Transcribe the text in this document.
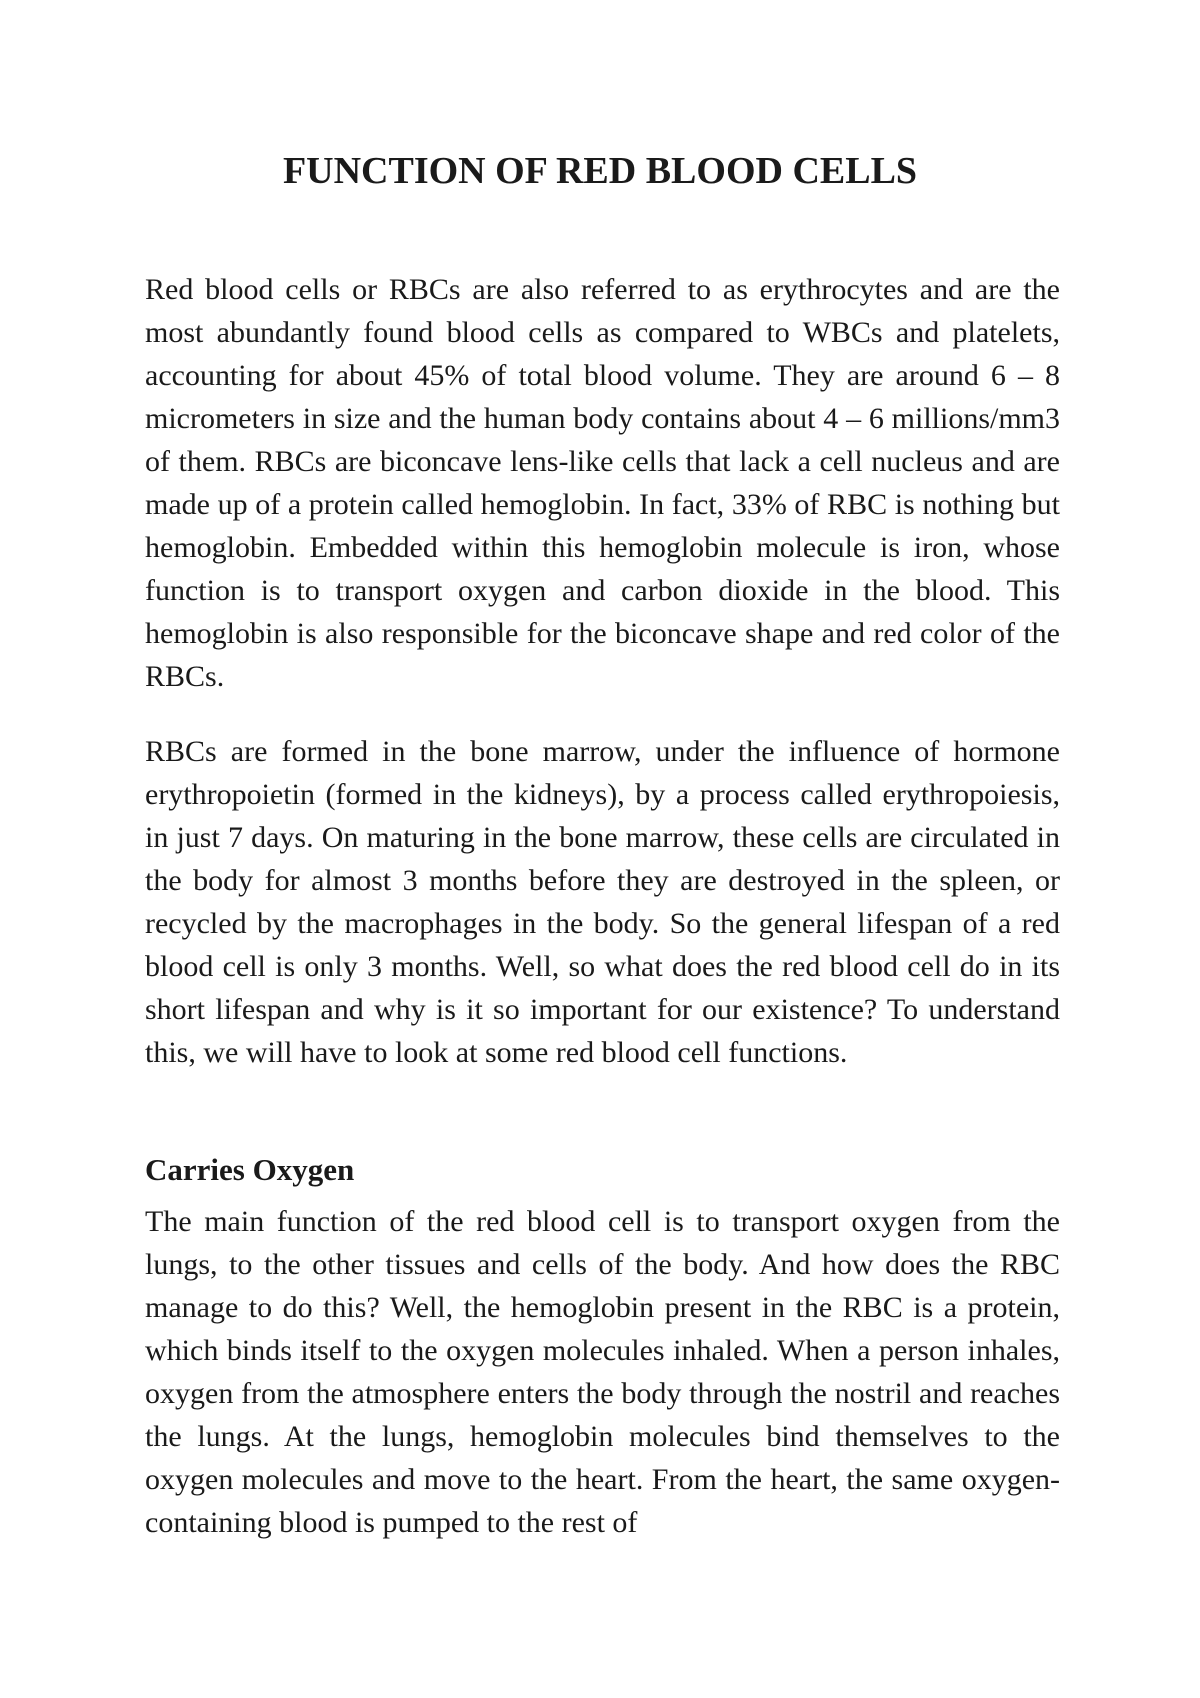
FUNCTION OF RED BLOOD CELLS

Red blood cells or RBCs are also referred to as erythrocytes and are the most abundantly found blood cells as compared to WBCs and platelets, accounting for about 45% of total blood volume. They are around 6 – 8 micrometers in size and the human body contains about 4 – 6 millions/mm3 of them. RBCs are biconcave lens-like cells that lack a cell nucleus and are made up of a protein called hemoglobin. In fact, 33% of RBC is nothing but hemoglobin. Embedded within this hemoglobin molecule is iron, whose function is to transport oxygen and carbon dioxide in the blood. This hemoglobin is also responsible for the biconcave shape and red color of the RBCs.

RBCs are formed in the bone marrow, under the influence of hormone erythropoietin (formed in the kidneys), by a process called erythropoiesis, in just 7 days. On maturing in the bone marrow, these cells are circulated in the body for almost 3 months before they are destroyed in the spleen, or recycled by the macrophages in the body. So the general lifespan of a red blood cell is only 3 months. Well, so what does the red blood cell do in its short lifespan and why is it so important for our existence? To understand this, we will have to look at some red blood cell functions.

Carries Oxygen

The main function of the red blood cell is to transport oxygen from the lungs, to the other tissues and cells of the body. And how does the RBC manage to do this? Well, the hemoglobin present in the RBC is a protein, which binds itself to the oxygen molecules inhaled. When a person inhales, oxygen from the atmosphere enters the body through the nostril and reaches the lungs. At the lungs, hemoglobin molecules bind themselves to the oxygen molecules and move to the heart. From the heart, the same oxygen-containing blood is pumped to the rest of
